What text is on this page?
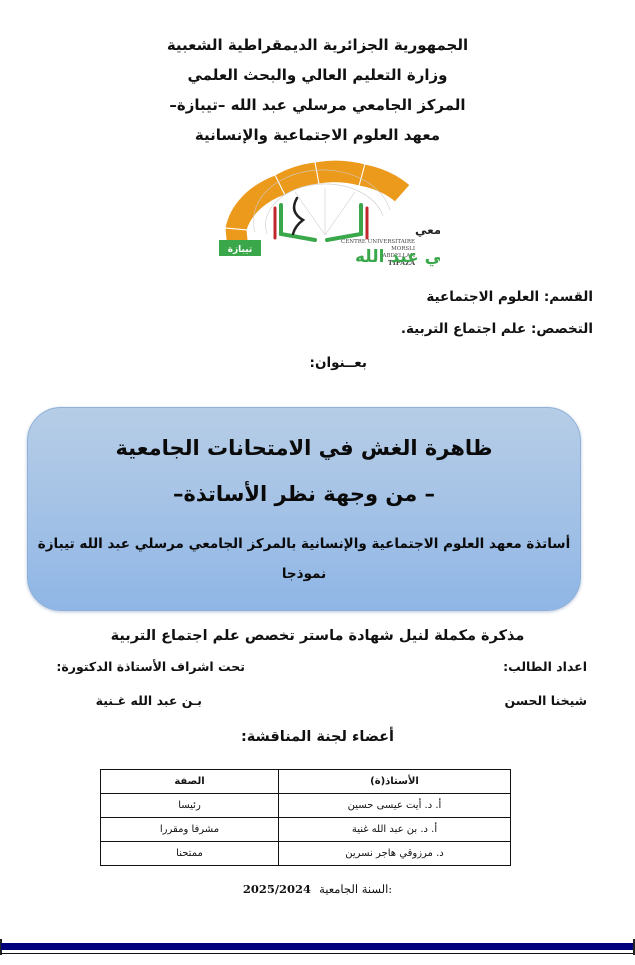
الجمهورية الجزائرية الديمقراطية الشعبية
وزارة التعليم العالي والبحث العلمي
المركز الجامعي مرسلي عبد الله –تيبازة–
معهد العلوم الاجتماعية والإنسانية
معي
CENTRE UNIVERSITAIRE
MORSLI
ABDELLAH
TIPAZA ي عبد الله
تيبازة
القسم: العلوم الاجتماعية
التخصص: علم اجتماع التربية.
بعــنوان:
ظاهرة الغش في الامتحانات الجامعية
– من وجهة نظر الأساتذة–
أساتذة معهد العلوم الاجتماعية والإنسانية بالمركز الجامعي مرسلي عبد الله تيبازة
نموذجا
مذكرة مكملة لنيل شهادة ماستر تخصص علم اجتماع التربية
اعداد الطالب:
تحت اشراف الأستاذة الدكتورة:
شيخنا الحسن
بـن عبد الله غـنية
أعضاء لجنة المناقشة:
الأستاذ(ة)	الصفة
أ. د. أيت عيسى حسين	رئيسا
أ. د. بن عبد الله غنية	مشرفا ومقررا
د. مرزوقي هاجر نسرين	ممتحنا
2025/2024 السنة الجامعية:
